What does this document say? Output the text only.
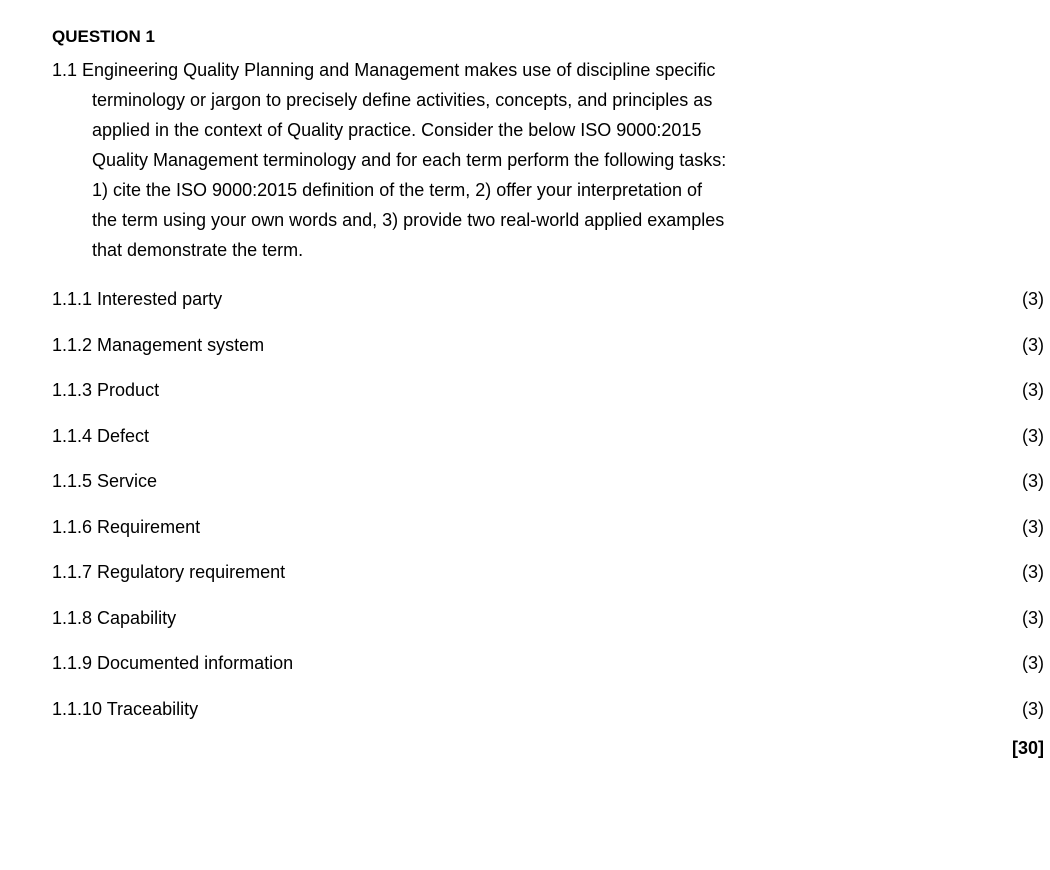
QUESTION 1
1.1 Engineering Quality Planning and Management makes use of discipline specific
terminology or jargon to precisely define activities, concepts, and principles as
applied in the context of Quality practice. Consider the below ISO 9000:2015
Quality Management terminology and for each term perform the following tasks:
1) cite the ISO 9000:2015 definition of the term, 2) offer your interpretation of
the term using your own words and, 3) provide two real-world applied examples
that demonstrate the term.
1.1.1 Interested party	(3)
1.1.2 Management system	(3)
1.1.3 Product	(3)
1.1.4 Defect	(3)
1.1.5 Service	(3)
1.1.6 Requirement	(3)
1.1.7 Regulatory requirement	(3)
1.1.8 Capability	(3)
1.1.9 Documented information	(3)
1.1.10 Traceability	(3)
[30]
